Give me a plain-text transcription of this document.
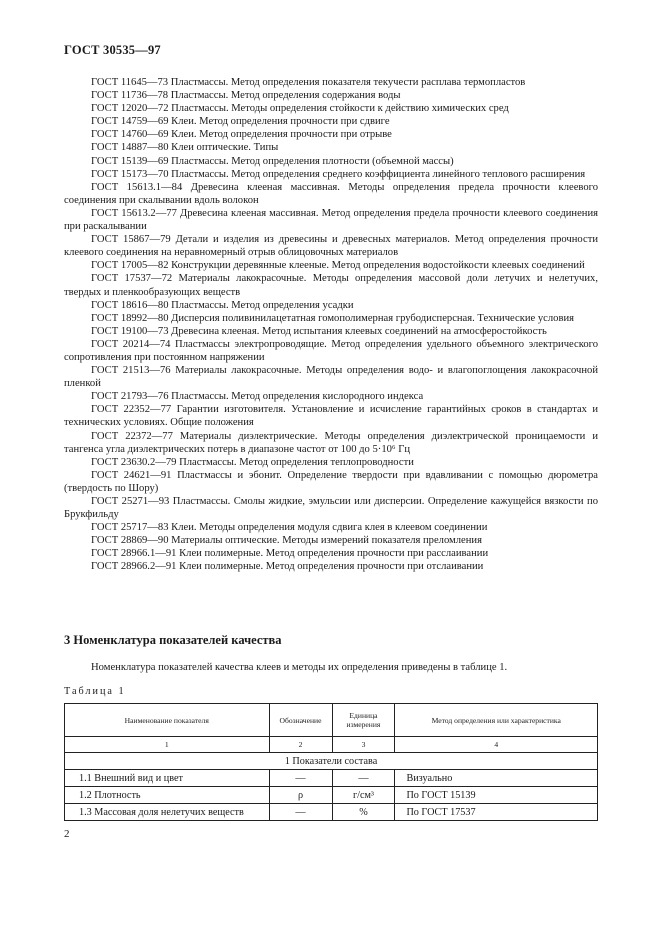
ГОСТ 30535—97
ГОСТ 11645—73 Пластмассы. Метод определения показателя текучести расплава термопластов
ГОСТ 11736—78 Пластмассы. Метод определения содержания воды
ГОСТ 12020—72 Пластмассы. Методы определения стойкости к действию химических сред
ГОСТ 14759—69 Клеи. Метод определения прочности при сдвиге
ГОСТ 14760—69 Клеи. Метод определения прочности при отрыве
ГОСТ 14887—80 Клеи оптические. Типы
ГОСТ 15139—69 Пластмассы. Метод определения плотности (объемной массы)
ГОСТ 15173—70 Пластмассы. Метод определения среднего коэффициента линейного теплового расширения
ГОСТ 15613.1—84 Древесина клееная массивная. Методы определения предела прочности клеевого соединения при скалывании вдоль волокон
ГОСТ 15613.2—77 Древесина клееная массивная. Метод определения предела прочности клеевого соединения при раскалывании
ГОСТ 15867—79 Детали и изделия из древесины и древесных материалов. Метод определения прочности клеевого соединения на неравномерный отрыв облицовочных материалов
ГОСТ 17005—82 Конструкции деревянные клееные. Метод определения водостойкости клеевых соединений
ГОСТ 17537—72 Материалы лакокрасочные. Методы определения массовой доли летучих и нелетучих, твердых и пленкообразующих веществ
ГОСТ 18616—80 Пластмассы. Метод определения усадки
ГОСТ 18992—80 Дисперсия поливинилацетатная гомополимерная грубодисперсная. Технические условия
ГОСТ 19100—73 Древесина клееная. Метод испытания клеевых соединений на атмосферостойкость
ГОСТ 20214—74 Пластмассы электропроводящие. Метод определения удельного объемного электрического сопротивления при постоянном напряжении
ГОСТ 21513—76 Материалы лакокрасочные. Методы определения водо- и влагопоглощения лакокрасочной пленкой
ГОСТ 21793—76 Пластмассы. Метод определения кислородного индекса
ГОСТ 22352—77 Гарантии изготовителя. Установление и исчисление гарантийных сроков в стандартах и технических условиях. Общие положения
ГОСТ 22372—77 Материалы диэлектрические. Методы определения диэлектрической проницаемости и тангенса угла диэлектрических потерь в диапазоне частот от 100 до 5·10⁶ Гц
ГОСТ 23630.2—79 Пластмассы. Метод определения теплопроводности
ГОСТ 24621—91 Пластмассы и эбонит. Определение твердости при вдавливании с помощью дюрометра (твердость по Шору)
ГОСТ 25271—93 Пластмассы. Смолы жидкие, эмульсии или дисперсии. Определение кажущейся вязкости по Брукфильду
ГОСТ 25717—83 Клеи. Методы определения модуля сдвига клея в клеевом соединении
ГОСТ 28869—90 Материалы оптические. Методы измерений показателя преломления
ГОСТ 28966.1—91 Клеи полимерные. Метод определения прочности при расслаивании
ГОСТ 28966.2—91 Клеи полимерные. Метод определения прочности при отслаивании
3 Номенклатура показателей качества
Номенклатура показателей качества клеев и методы их определения приведены в таблице 1.
Таблица 1
Наименование показателя	Обозначение	Единица измерения	Метод определения или характеристика
1	2	3	4
1 Показатели состава			
1.1 Внешний вид и цвет	—	—	Визуально
1.2 Плотность	ρ	г/см³	По ГОСТ 15139
1.3 Массовая доля нелетучих веществ	—	%	По ГОСТ 17537
2
